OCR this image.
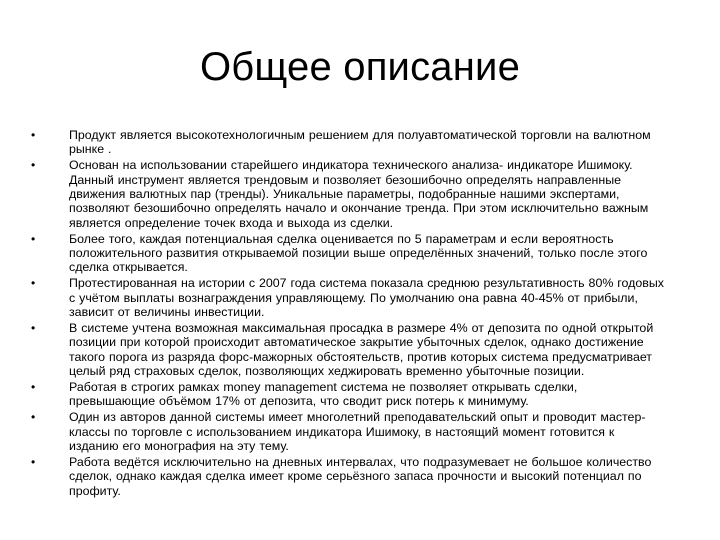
Общее описание
•	Продукт является высокотехнологичным решением для полуавтоматической торговли на валютном рынке .
•	Основан на использовании старейшего индикатора технического анализа- индикаторе Ишимоку. Данный инструмент является трендовым и позволяет безошибочно определять направленные движения валютных пар (тренды). Уникальные параметры, подобранные нашими экспертами, позволяют безошибочно определять начало и окончание тренда. При этом исключительно важным является определение точек входа и выхода из сделки.
•	Более того, каждая потенциальная сделка оценивается по 5 параметрам и если вероятность положительного развития открываемой позиции выше определённых значений, только после этого сделка открывается.
•	Протестированная на истории с 2007 года система показала среднюю результативность 80% годовых с учётом выплаты вознаграждения управляющему. По умолчанию она равна 40-45% от прибыли, зависит от величины инвестиции.
•	В системе учтена возможная максимальная просадка в размере 4% от депозита по одной открытой позиции при которой происходит автоматическое закрытие убыточных сделок, однако достижение такого порога из разряда форс-мажорных обстоятельств, против которых система предусматривает целый ряд страховых сделок, позволяющих хеджировать временно убыточные позиции.
•	Работая в строгих рамках money management система не позволяет открывать сделки, превышающие объёмом 17% от депозита, что сводит риск потерь к минимуму.
•	Один из авторов данной системы имеет многолетний преподавательский опыт и проводит мастер-классы по торговле с использованием индикатора Ишимоку, в настоящий момент готовится к изданию его монография на эту тему.
•	Работа ведётся исключительно на дневных интервалах, что подразумевает не большое количество сделок, однако каждая сделка имеет кроме серьёзного запаса прочности и высокий потенциал по профиту.
